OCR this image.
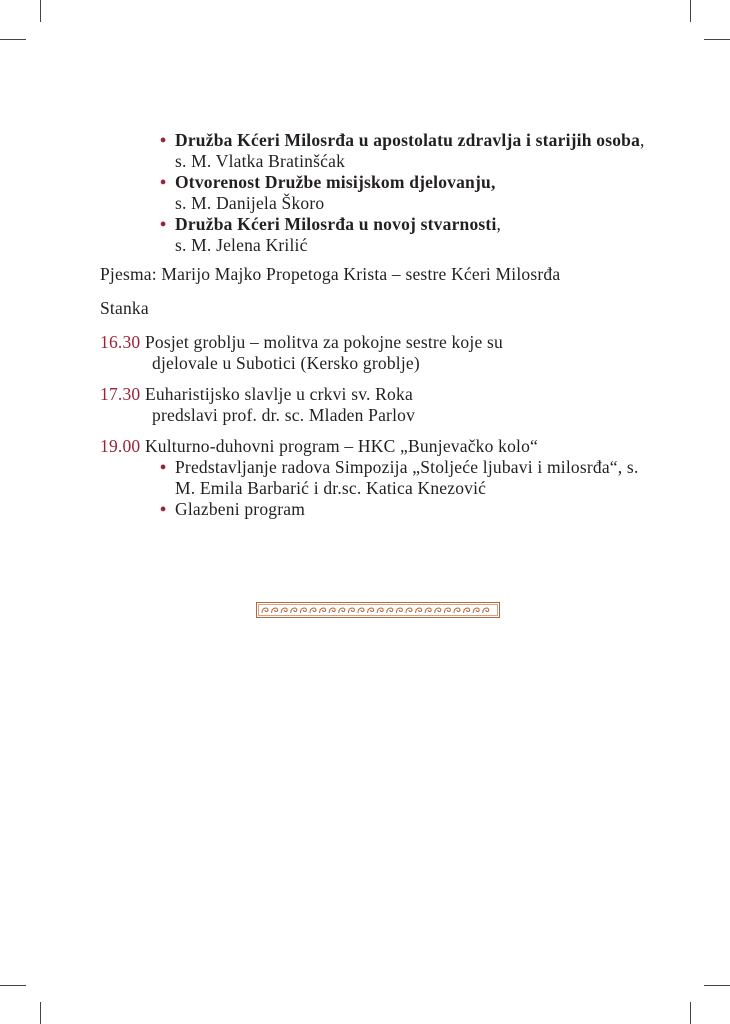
• Družba Kćeri Milosrđa u apostolatu zdravlja i starijih osoba, s. M. Vlatka Bratinšćak
• Otvorenost Družbe misijskom djelovanju,
s. M. Danijela Škoro
• Družba Kćeri Milosrđa u novoj stvarnosti,
s. M. Jelena Krilić

Pjesma: Marijo Majko Propetoga Krista – sestre Kćeri Milosrđa

Stanka

16.30 Posjet groblju – molitva za pokojne sestre koje su
djelovale u Subotici (Kersko groblje)
17.30 Euharistijsko slavlje u crkvi sv. Roka
predslavi prof. dr. sc. Mladen Parlov
19.00 Kulturno-duhovni program – HKC „Bunjevačko kolo“
• Predstavljanje radova Simpozija „Stoljeće ljubavi i milosrđa“, s. M. Emila Barbarić i dr.sc. Katica Knezović
• Glazbeni program
